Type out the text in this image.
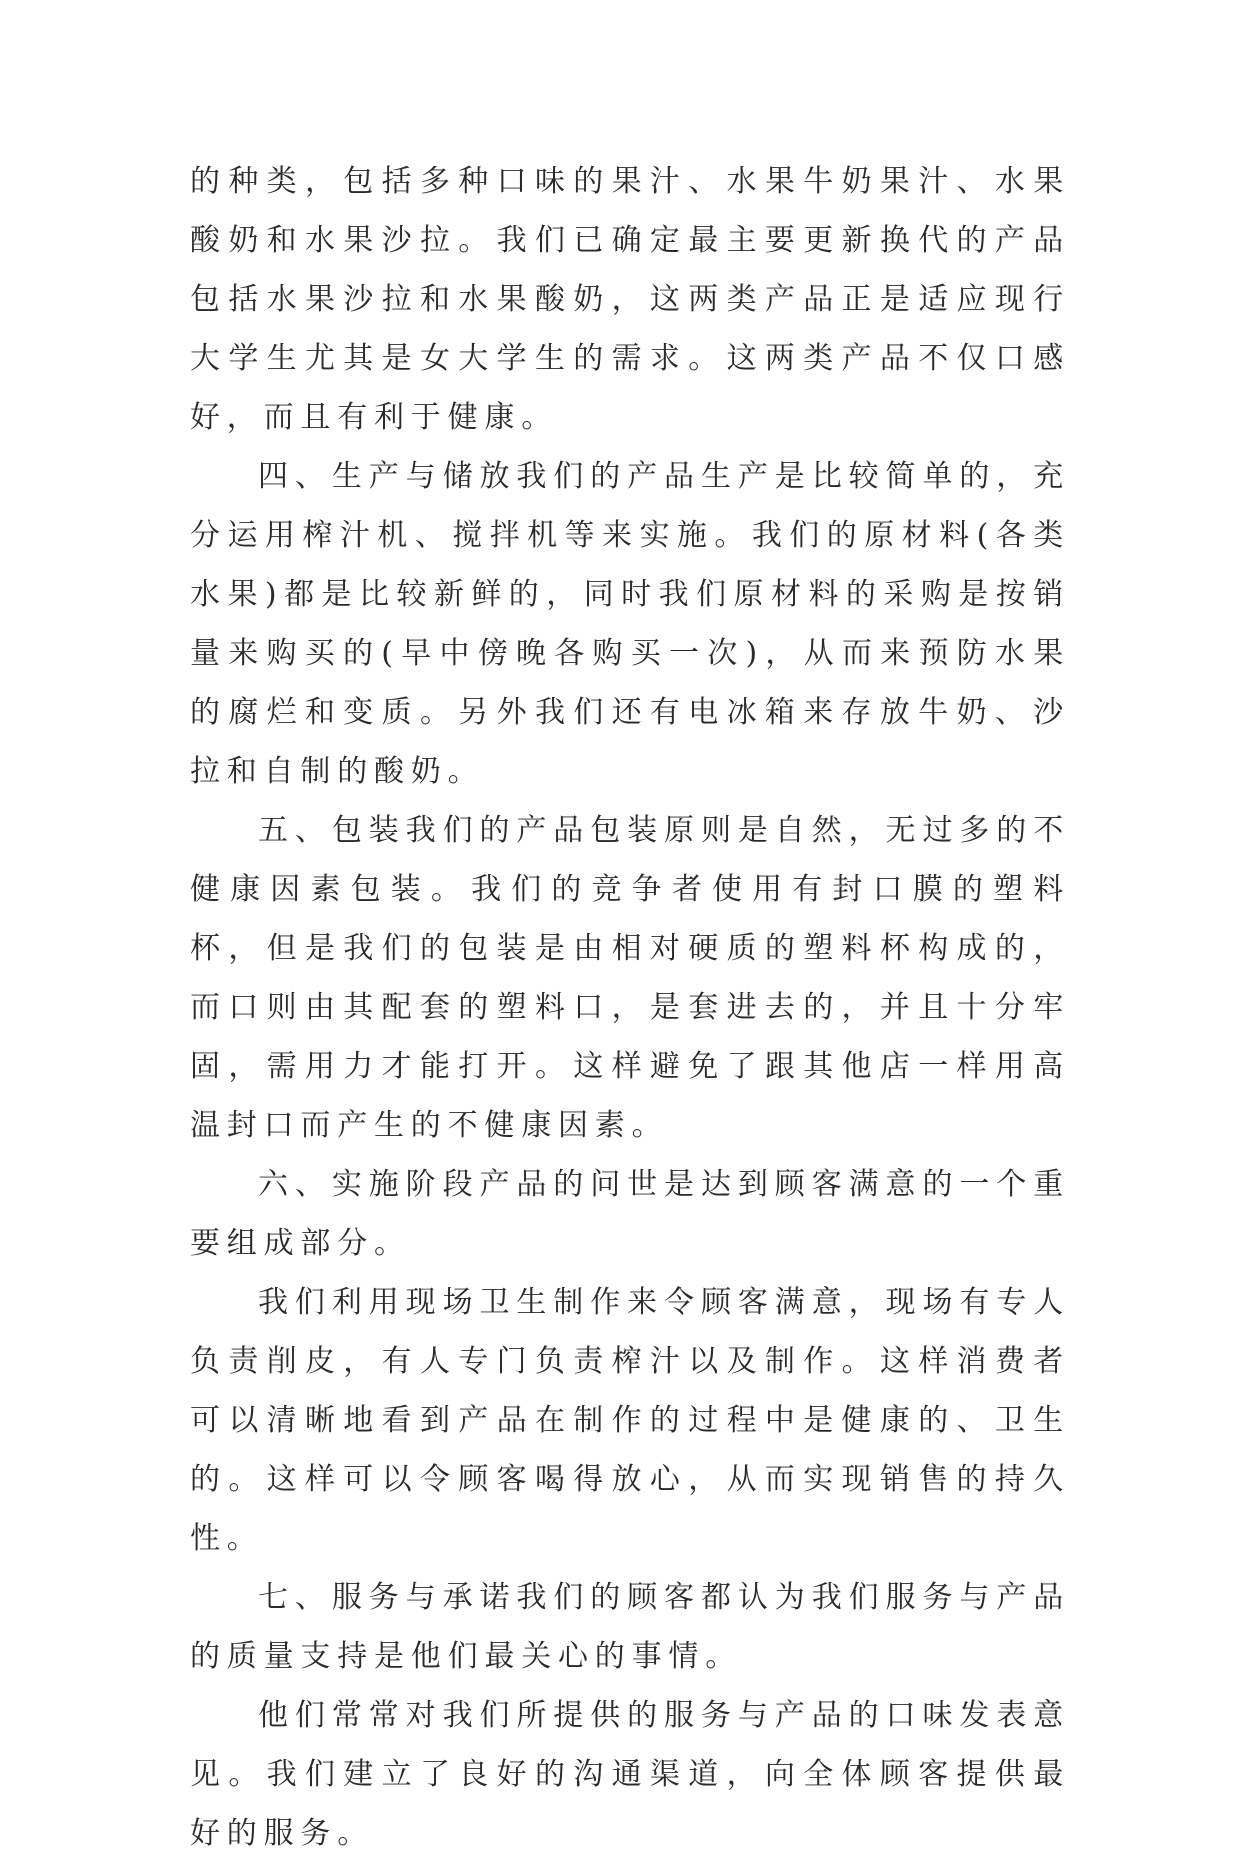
的种类，包括多种口味的果汁、水果牛奶果汁、水果酸奶和水果沙拉。我们已确定最主要更新换代的产品包括水果沙拉和水果酸奶，这两类产品正是适应现行大学生尤其是女大学生的需求。这两类产品不仅口感好，而且有利于健康。

四、生产与储放我们的产品生产是比较简单的，充分运用榨汁机、搅拌机等来实施。我们的原材料(各类水果)都是比较新鲜的，同时我们原材料的采购是按销量来购买的(早中傍晚各购买一次)，从而来预防水果的腐烂和变质。另外我们还有电冰箱来存放牛奶、沙拉和自制的酸奶。

五、包装我们的产品包装原则是自然，无过多的不健康因素包装。我们的竞争者使用有封口膜的塑料杯，但是我们的包装是由相对硬质的塑料杯构成的，而口则由其配套的塑料口，是套进去的，并且十分牢固，需用力才能打开。这样避免了跟其他店一样用高温封口而产生的不健康因素。

六、实施阶段产品的问世是达到顾客满意的一个重要组成部分。

我们利用现场卫生制作来令顾客满意，现场有专人负责削皮，有人专门负责榨汁以及制作。这样消费者可以清晰地看到产品在制作的过程中是健康的、卫生的。这样可以令顾客喝得放心，从而实现销售的持久性。

七、服务与承诺我们的顾客都认为我们服务与产品的质量支持是他们最关心的事情。

他们常常对我们所提供的服务与产品的口味发表意见。我们建立了良好的沟通渠道，向全体顾客提供最好的服务。
